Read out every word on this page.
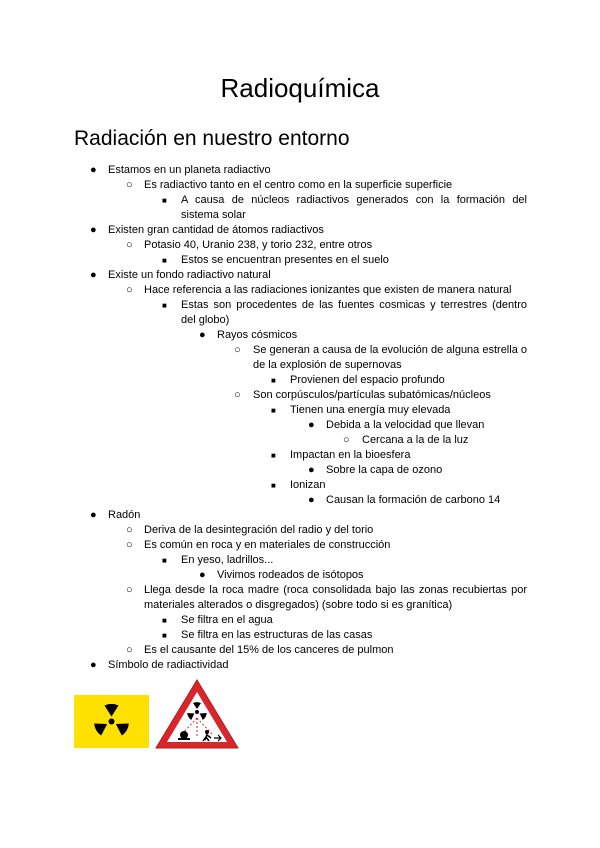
Radioquímica
Radiación en nuestro entorno
● Estamos en un planeta radiactivo
○ Es radiactivo tanto en el centro como en la superficie superficie
■ A causa de núcleos radiactivos generados con la formación del sistema solar
● Existen gran cantidad de átomos radiactivos
○ Potasio 40, Uranio 238, y torio 232, entre otros
■ Estos se encuentran presentes en el suelo
● Existe un fondo radiactivo natural
○ Hace referencia a las radiaciones ionizantes que existen de manera natural
■ Estas son procedentes de las fuentes cosmicas y terrestres (dentro del globo)
● Rayos cósmicos
○ Se generan a causa de la evolución de alguna estrella o de la explosión de supernovas
■ Provienen del espacio profundo
○ Son corpúsculos/partículas subatómicas/núcleos
■ Tienen una energía muy elevada
● Debida a la velocidad que llevan
○ Cercana a la de la luz
■ Impactan en la bioesfera
● Sobre la capa de ozono
■ Ionizan
● Causan la formación de carbono 14
● Radón
○ Deriva de la desintegración del radio y del torio
○ Es común en roca y en materiales de construcción
■ En yeso, ladrillos...
● Vivimos rodeados de isótopos
○ Llega desde la roca madre (roca consolidada bajo las zonas recubiertas por materiales alterados o disgregados) (sobre todo si es granítica)
■ Se filtra en el agua
■ Se filtra en las estructuras de las casas
○ Es el causante del 15% de los canceres de pulmon
● Símbolo de radiactividad
